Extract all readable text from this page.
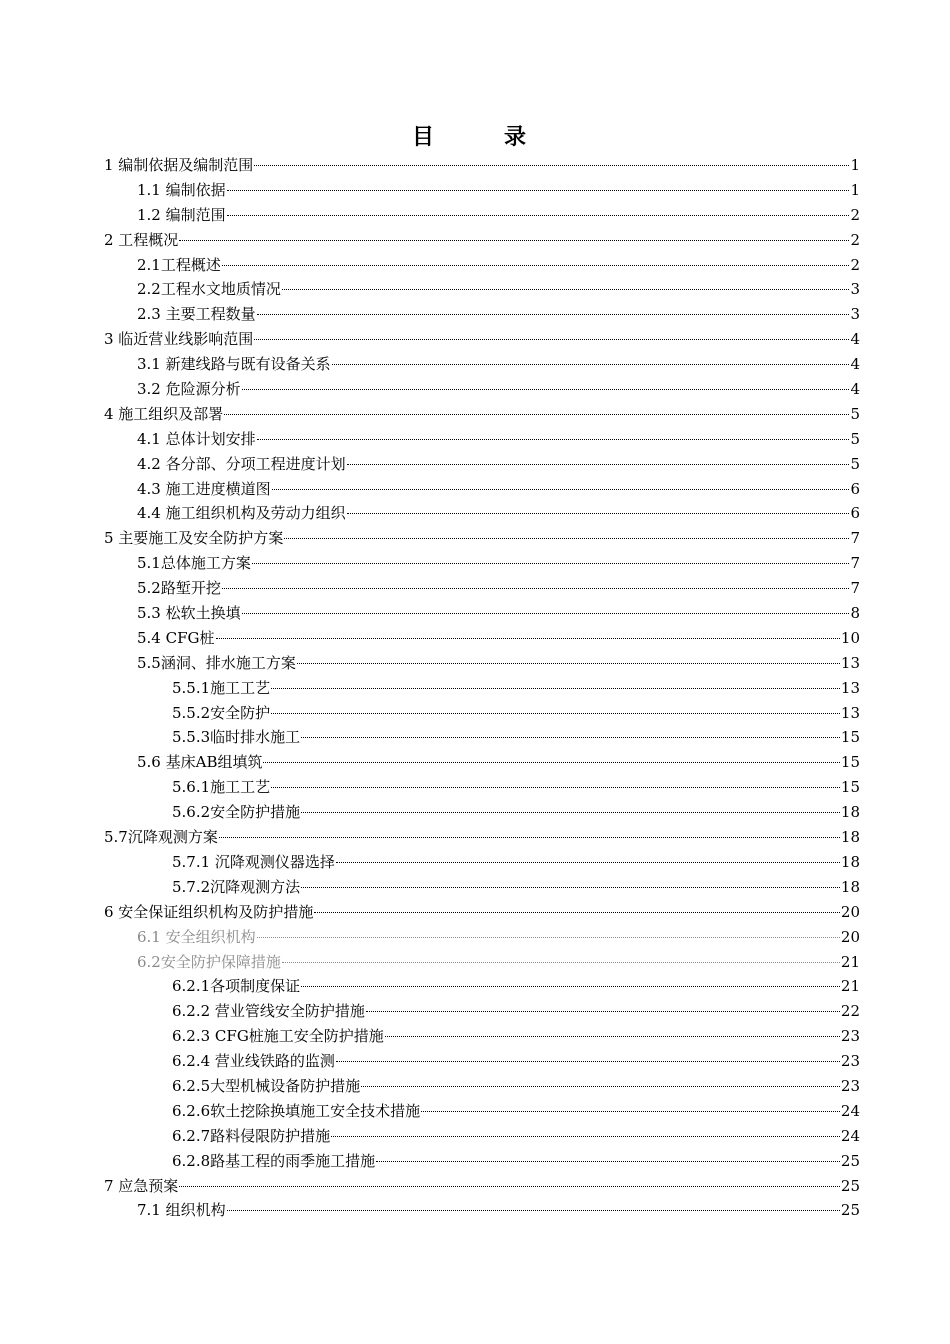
目　录
1 编制依据及编制范围	1
1.1 编制依据	1
1.2 编制范围	2
2 工程概况	2
2.1工程概述	2
2.2工程水文地质情况	3
2.3 主要工程数量	3
3 临近营业线影响范围	4
3.1 新建线路与既有设备关系	4
3.2 危险源分析	4
4 施工组织及部署	5
4.1 总体计划安排	5
4.2 各分部、分项工程进度计划	5
4.3 施工进度横道图	6
4.4 施工组织机构及劳动力组织	6
5 主要施工及安全防护方案	7
5.1总体施工方案	7
5.2路堑开挖	7
5.3 松软土换填	8
5.4 CFG桩	10
5.5涵洞、排水施工方案	13
5.5.1施工工艺	13
5.5.2安全防护	13
5.5.3临时排水施工	15
5.6 基床AB组填筑	15
5.6.1施工工艺	15
5.6.2安全防护措施	18
5.7沉降观测方案	18
5.7.1 沉降观测仪器选择	18
5.7.2沉降观测方法	18
6 安全保证组织机构及防护措施	20
6.1 安全组织机构	20
6.2安全防护保障措施	21
6.2.1各项制度保证	21
6.2.2 营业管线安全防护措施	22
6.2.3 CFG桩施工安全防护措施	23
6.2.4 营业线铁路的监测	23
6.2.5大型机械设备防护措施	23
6.2.6软土挖除换填施工安全技术措施	24
6.2.7路料侵限防护措施	24
6.2.8路基工程的雨季施工措施	25
7 应急预案	25
7.1 组织机构	25
